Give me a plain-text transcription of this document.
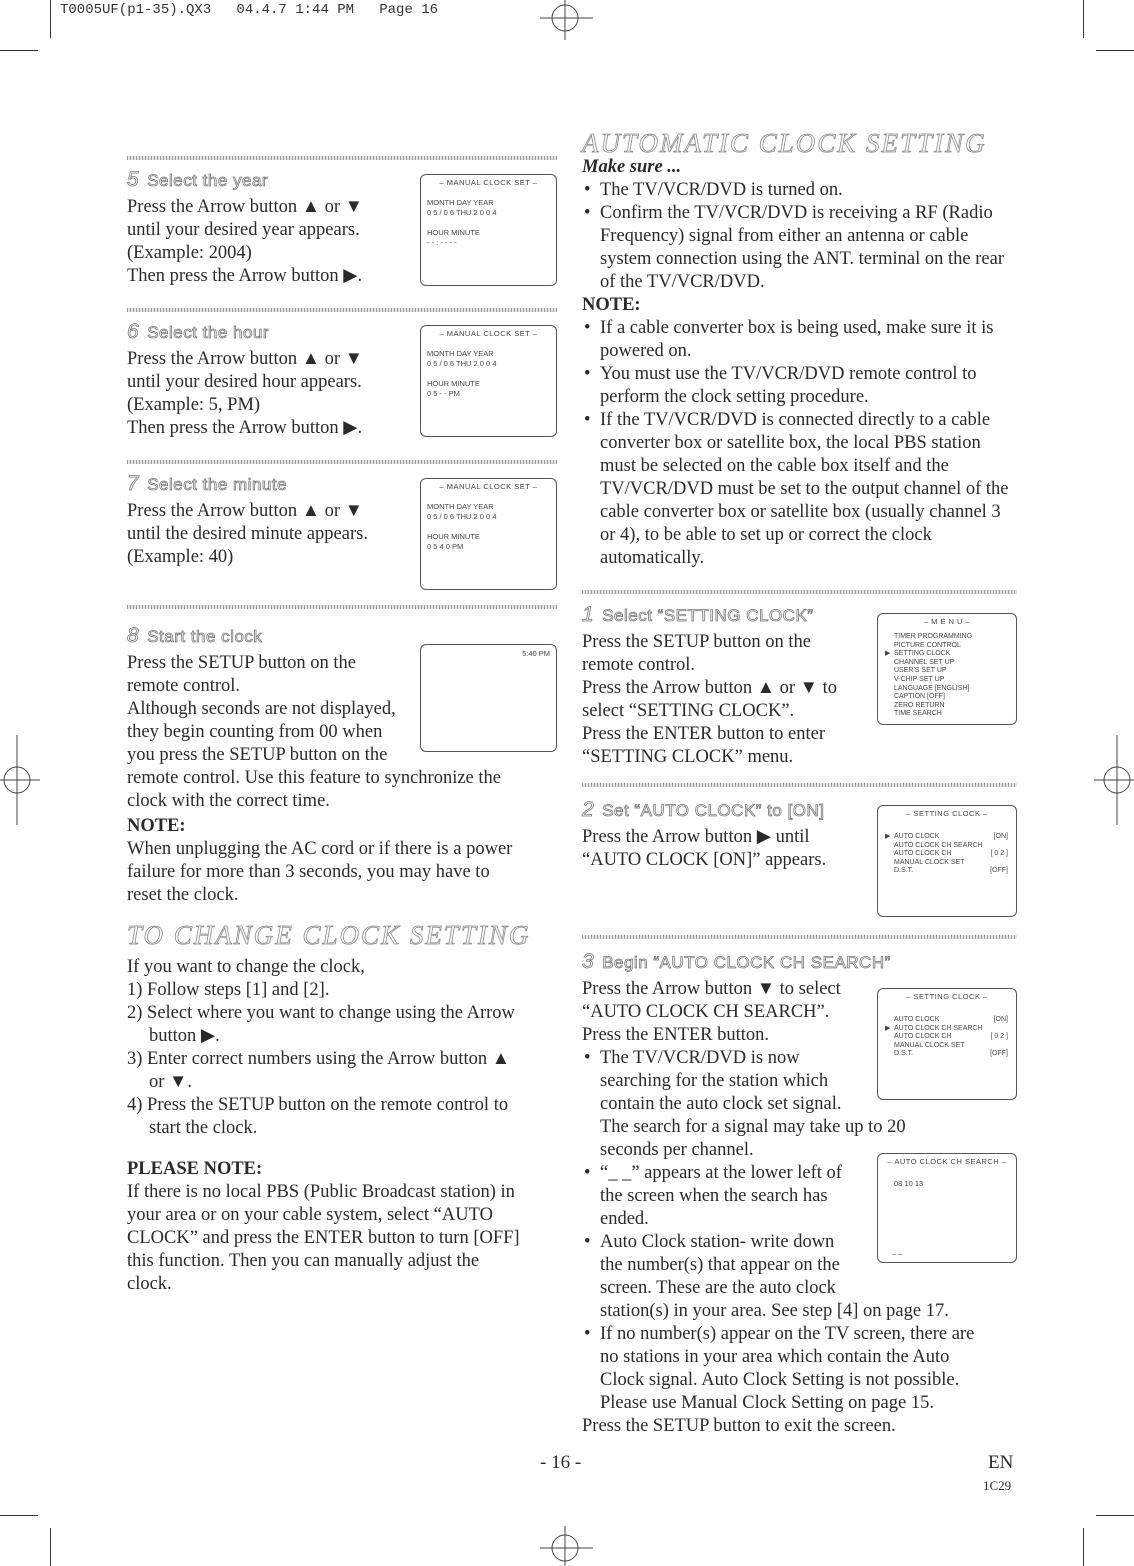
T0005UF(p1-35).QX3   04.4.7 1:44 PM   Page 16
5 Select the year

Press the Arrow button ▲ or ▼

until your desired year appears.

(Example: 2004)

Then press the Arrow button ▶.

– MANUAL CLOCK SET –
MONTH DAY YEAR
0 5 / 0 6 THU 2 0 0 4
HOUR MINUTE
- - : - - - -
6 Select the hour

Press the Arrow button ▲ or ▼

until your desired hour appears.

(Example: 5, PM)

Then press the Arrow button ▶.

– MANUAL CLOCK SET –
MONTH DAY YEAR
0 5 / 0 6 THU 2 0 0 4
HOUR MINUTE
0 5 - - PM
7 Select the minute

Press the Arrow button ▲ or ▼

until the desired minute appears.

(Example: 40)

– MANUAL CLOCK SET –
MONTH DAY YEAR
0 5 / 0 6 THU 2 0 0 4
HOUR MINUTE
0 5 4 0 PM
8 Start the clock

Press the SETUP button on the

remote control.

Although seconds are not displayed,

they begin counting from 00 when

you press the SETUP button on the

remote control. Use this feature to synchronize the

clock with the correct time.

NOTE:

When unplugging the AC cord or if there is a power

failure for more than 3 seconds, you may have to

reset the clock.

5:40 PM
TO CHANGE CLOCK SETTING

If you want to change the clock,

1) Follow steps [1] and [2].

2) Select where you want to change using the Arrow

button ▶.

3) Enter correct numbers using the Arrow button ▲

or ▼.

4) Press the SETUP button on the remote control to

start the clock.

PLEASE NOTE:

If there is no local PBS (Public Broadcast station) in

your area or on your cable system, select “AUTO

CLOCK” and press the ENTER button to turn [OFF]

this function. Then you can manually adjust the

clock.

AUTOMATIC CLOCK SETTING

Make sure ...

• The TV/VCR/DVD is turned on.
• Confirm the TV/VCR/DVD is receiving a RF (Radio Frequency) signal from either an antenna or cable system connection using the ANT. terminal on the rear of the TV/VCR/DVD.

NOTE:

• If a cable converter box is being used, make sure it is powered on.
• You must use the TV/VCR/DVD remote control to perform the clock setting procedure.
• If the TV/VCR/DVD is connected directly to a cable converter box or satellite box, the local PBS station must be selected on the cable box itself and the TV/VCR/DVD must be set to the output channel of the cable converter box or satellite box (usually channel 3 or 4), to be able to set up or correct the clock automatically.
1 Select “SETTING CLOCK”

Press the SETUP button on the

remote control.

Press the Arrow button ▲ or ▼ to

select “SETTING CLOCK”.

Press the ENTER button to enter

“SETTING CLOCK” menu.

– M E N U –
TIMER PROGRAMMING
PICTURE CONTROL
▶ SETTING CLOCK
CHANNEL SET UP
USER'S SET UP
V-CHIP SET UP
LANGUAGE [ENGLISH]
CAPTION [OFF]
ZERO RETURN
TIME SEARCH
2 Set “AUTO CLOCK” to [ON]

Press the Arrow button ▶ until

“AUTO CLOCK [ON]” appears.

– SETTING CLOCK –
▶ AUTO CLOCK	[ON]
AUTO CLOCK CH SEARCH
AUTO CLOCK CH	[ 0 2 ]
MANUAL CLOCK SET
D.S.T.	[OFF]
3 Begin “AUTO CLOCK CH SEARCH”

Press the Arrow button ▼ to select

“AUTO CLOCK CH SEARCH”.

Press the ENTER button.

• The TV/VCR/DVD is now
searching for the station which
contain the auto clock set signal.
The search for a signal may take up to 20
seconds per channel.
• “_ _” appears at the lower left of
the screen when the search has
ended.
• Auto Clock station- write down
the number(s) that appear on the
screen. These are the auto clock
station(s) in your area. See step [4] on page 17.
• If no number(s) appear on the TV screen, there are
no stations in your area which contain the Auto
Clock signal. Auto Clock Setting is not possible.
Please use Manual Clock Setting on page 15.

Press the SETUP button to exit the screen.

– SETTING CLOCK –
AUTO CLOCK	[ON]
▶ AUTO CLOCK CH SEARCH
AUTO CLOCK CH	[ 0 2 ]
MANUAL CLOCK SET
D.S.T.	[OFF]
– AUTO CLOCK CH SEARCH –
08 10 13
_ _
- 16 -	EN
1C29
